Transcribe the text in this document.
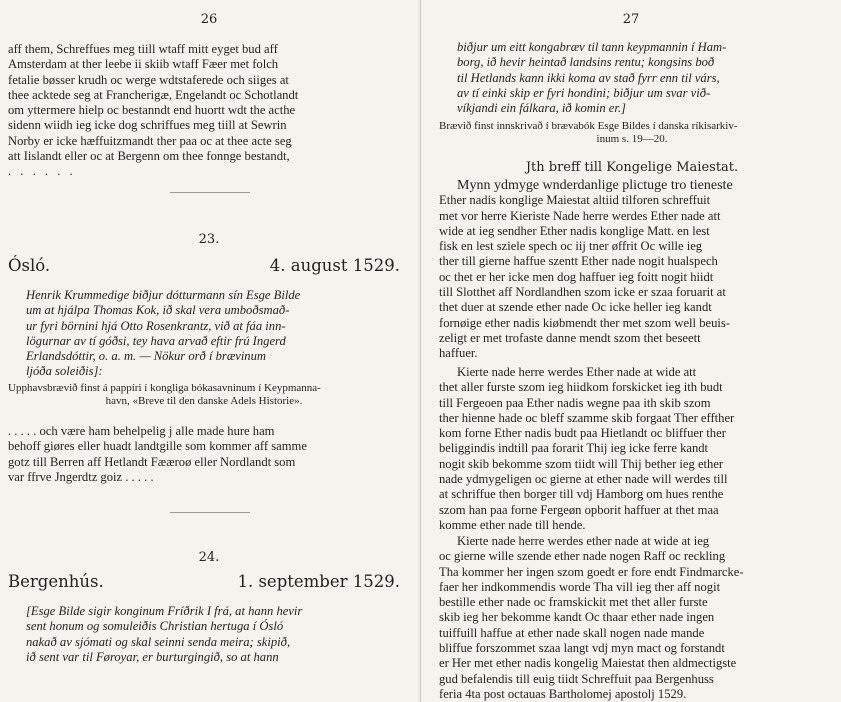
26
aff them, Schreffues meg tiill wtaff mitt eyget bud aff
Amsterdam at ther leebe ii skiib wtaff Fæer met folch
fetalie bøsser krudh oc werge wdtstaferede och siiges at
thee acktede seg at Francherigæ, Engelandt oc Schotlandt
om yttermere hielp oc bestanndt end huortt wdt the acthe
sidenn wiidh ieg icke dog schriffues meg tiill at Sewrin
Norby er icke hæffuitzmandt ther paa oc at thee acte seg
att Iislandt eller oc at Bergenn om thee fonnge bestandt,
. . . . . .
23.
Ósló.	4. august 1529.
Henrik Krummedige biðjur dótturmann sín Esge Bilde
um at hjálpa Thomas Kok, ið skal vera umboðsmað-
ur fyri börnini hjá Otto Rosenkrantz, við at fáa inn-
lögurnar av tí góðsi, tey hava arvað eftir frú Ingerd
Erlandsdóttir, o. a. m. — Nökur orð í brævinum
ljóða soleiðis]:
Upphavsbrævið finst á pappíri í kongliga bókasavninum í Keypmanna-
havn, «Breve til den danske Adels Historie».
. . . . . och være ham behelpelig j alle made hure ham
behoff giøres eller huadt landtgille som kommer aff samme
gotz till Berren aff Hetlandt Fææroø eller Nordlandt som
var ffrve Jngerdtz goiz . . . . .
24.
Bergenhús.	1. september 1529.
[Esge Bilde sigir konginum Fríðrik I frá, at hann hevir
sent honum og somuleiðis Christian hertuga í Ósló
nakað av sjómati og skal seinni senda meira; skipið,
ið sent var til Føroyar, er burturgingið, so at hann
27
biðjur um eitt kongabræv til tann keypmannin í Ham-
borg, ið hevir heintað landsins rentu; kongsins boð
til Hetlands kann ikki koma av stað fyrr enn til várs,
av tí einki skip er fyri hondini; biðjur um svar við-
víkjandi ein fálkara, ið komin er.]
Brævið finst innskrivað í brævabók Esge Bildes í danska ríkisarkiv-
inum s. 19—20.
Jth breff till Kongelige Maiestat.
Mynn ydmyge wnderdanlige plictuge tro tieneste
Ether nadis konglige Maiestat altiid tilforen schreffuit
met vor herre Kieriste Nade herre werdes Ether nade att
wide at ieg sendher Ether nadis konglige Matt. en lest
fisk en lest sziele spech oc iij tner øffrit Oc wille ieg
ther till gierne haffue szentt Ether nade nogit hualspech
oc thet er her icke men dog haffuer ieg foitt nogit hiidt
till Slotthet aff Nordlandhen szom icke er szaa foruarit at
thet duer at szende ether nade Oc icke heller ieg kandt
fornøige ether nadis kiøbmendt ther met szom well beuis-
zeligt er met trofaste danne mendt szom thet beseett
haffuer.
Kierte nade herre werdes Ether nade at wide att
thet aller furste szom ieg hiidkom forskicket ieg ith budt
till Fergeoen paa Ether nadis wegne paa ith skib szom
ther hienne hade oc bleff szamme skib forgaat Ther effther
kom forne Ether nadis budt paa Hietlandt oc bliffuer ther
beliggindis indtill paa forarit Thij ieg icke ferre kandt
nogit skib bekomme szom tiidt will Thij bether ieg ether
nade ydmygeligen oc gierne at ether nade will werdes till
at schriffue then borger till vdj Hamborg om hues renthe
szom han paa forne Fergeøn opborit haffuer at thet maa
komme ether nade till hende.
Kierte nade herre werdes ether nade at wide at ieg
oc gierne wille szende ether nade nogen Raff oc reckling
Tha kommer her ingen szom goedt er fore endt Findmarcke-
faer her indkommendis worde Tha vill ieg ther aff nogit
bestille ether nade oc framskickit met thet aller furste
skib ieg her bekomme kandt Oc thaar ether nade ingen
tuiffuill haffue at ether nade skall nogen nade mande
bliffue forszommet szaa langt vdj myn mact og forstandt
er Her met ether nadis kongelig Maiestat then aldmectigste
gud befalendis till euig tiidt Schreffuit paa Bergenhuss
feria 4ta post octauas Bartholomej apostolj 1529.
